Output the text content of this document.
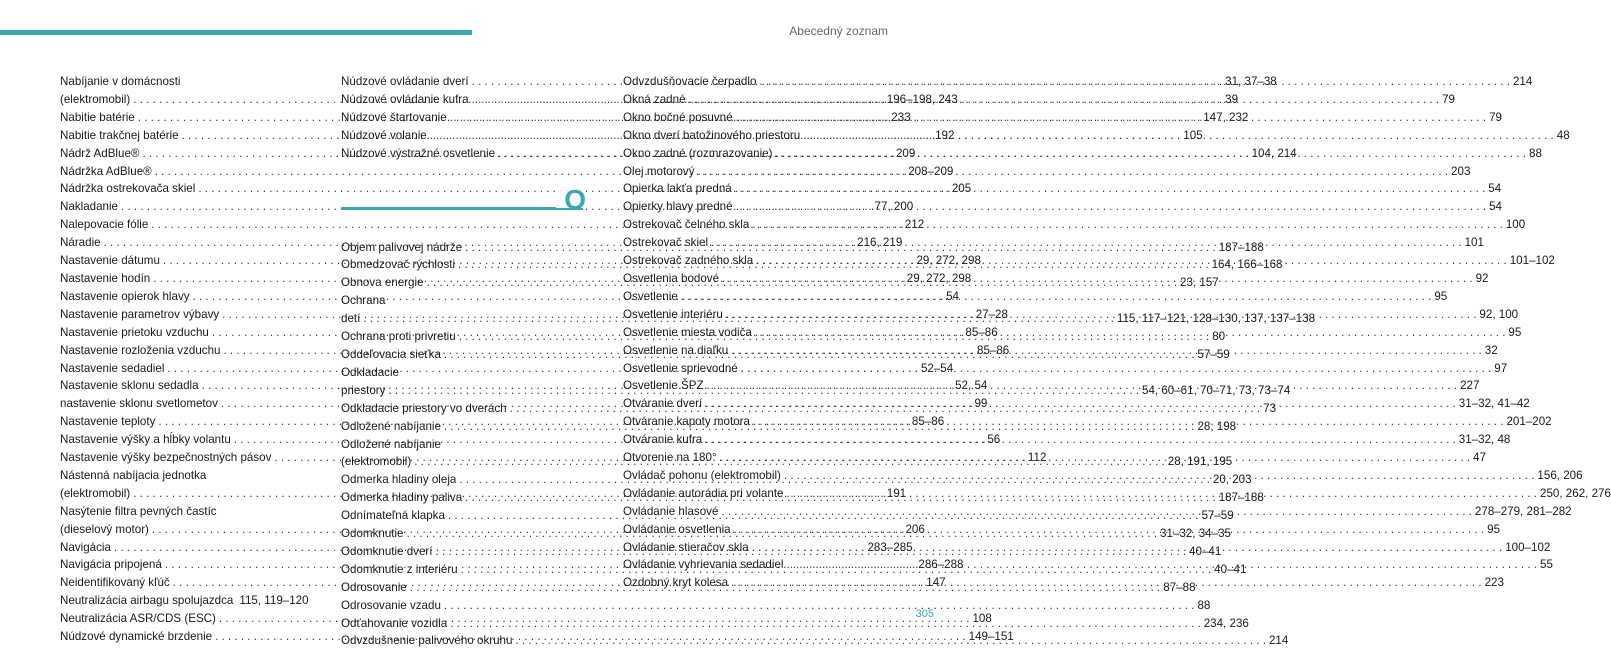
Abecedný zoznam
Nabíjanie v domácnosti
(elektromobil) . . .	196–198, 243
Nabitie batérie . . .	233
Nabitie trakčnej batérie . . .	192
Nádrž AdBlue® . . .	209
Nádržka AdBlue® . . .	208–209
Nádržka ostrekovača skiel . . .	205
Nakladanie . . .	77, 200
Nalepovacie fólie . . .	212
Náradie . . .	216, 219
Nastavenie dátumu . . .	29, 272, 298
Nastavenie hodín . . .	29, 272, 298
Nastavenie opierok hlavy . . .	54
Nastavenie parametrov výbavy . . .	27–28
Nastavenie prietoku vzduchu . . .	85–86
Nastavenie rozloženia vzduchu . . .	85–86
Nastavenie sedadiel . . .	52–54
Nastavenie sklonu sedadla . . .	52, 54
nastavenie sklonu svetlometov . . .	99
Nastavenie teploty . . .	85–86
Nastavenie výšky a hĺbky volantu . . .	56
Nastavenie výšky bezpečnostných pásov . . .	112
Nástenná nabíjacia jednotka
(elektromobil) . . .	191
Nasýtenie filtra pevných častíc
(dieselový motor) . . .	206
Navigácia . . .	283–285
Navigácia pripojená . . .	286–288
Neidentifikovaný kľúč . . .	147
Neutralizácia airbagu spolujazdca 115, 119–120
Neutralizácia ASR/CDS (ESC) . . .	108
Núdzové dynamické brzdenie . . .	149–151
Núdzové ovládanie dverí . . .	31, 37–38
Núdzové ovládanie kufra . . .	39
Núdzové štartovanie . . .	147, 232
Núdzové volanie . . .	105
Núdzové výstražné osvetlenie . . .	104, 214
O
Objem palivovej nádrže . . .	187–188
Obmedzovač rýchlosti . . .	164, 166–168
Obnova energie . . .	23, 157
Ochrana
detí . . .	115, 117–121, 128–130, 137, 137–138
Ochrana proti privretiu . . .	80
Oddeľovacia sieťka . . .	57–59
Odkladacie
priestory . . .	54, 60–61, 70–71, 73, 73–74
Odkladacie priestory vo dverách . . .	73
Odložené nabíjanie . . .	28, 198
Odložené nabíjanie
(elektromobil) . . .	28, 191, 195
Odmerka hladiny oleja . . .	20, 203
Odmerka hladiny paliva . . .	187–188
Odnímateľná klapka . . .	57–59
Odomknutie . . .	31–32, 34–35
Odomknutie dverí . . .	40–41
Odomknutie z interiéru . . .	40–41
Odrosovanie . . .	87–88
Odrosovanie vzadu . . .	88
Odťahovanie vozidla . . .	234, 236
Odvzdušnenie palivového okruhu . . .	214
Odvzdušňovacie čerpadlo . . .	214
Okná zadné . . .	79
Okno bočné posuvné . . .	79
Okno dverí batožinového priestoru . . .	48
Okno zadné (rozmrazovanie) . . .	88
Olej motorový . . .	203
Opierka lakťa predná . . .	54
Opierky hlavy predné . . .	54
Ostrekovač čelného skla . . .	100
Ostrekovač skiel . . .	101
Ostrekovač zadného skla . . .	101–102
Osvetlenia bodové . . .	92
Osvetlenie . . .	95
Osvetlenie interiéru . . .	92, 100
Osvetlenie miesta vodiča . . .	95
Osvetlenie na diaľku . . .	32
Osvetlenie sprievodné . . .	97
Osvetlenie ŠPZ . . .	227
Otváranie dverí . . .	31–32, 41–42
Otváranie kapoty motora . . .	201–202
Otváranie kufra . . .	31–32, 48
Otvorenie na 180° . . .	47
Ovládač pohonu (elektromobil) . . .	156, 206
Ovládanie autorádia pri volante . . .	250, 262, 276
Ovládanie hlasové . . .	278–279, 281–282
Ovládanie osvetlenia . . .	95
Ovládanie stieračov skla . . .	100–102
Ovládanie vyhrievania sedadiel . . .	55
Ozdobný kryt kolesa . . .	223
305
